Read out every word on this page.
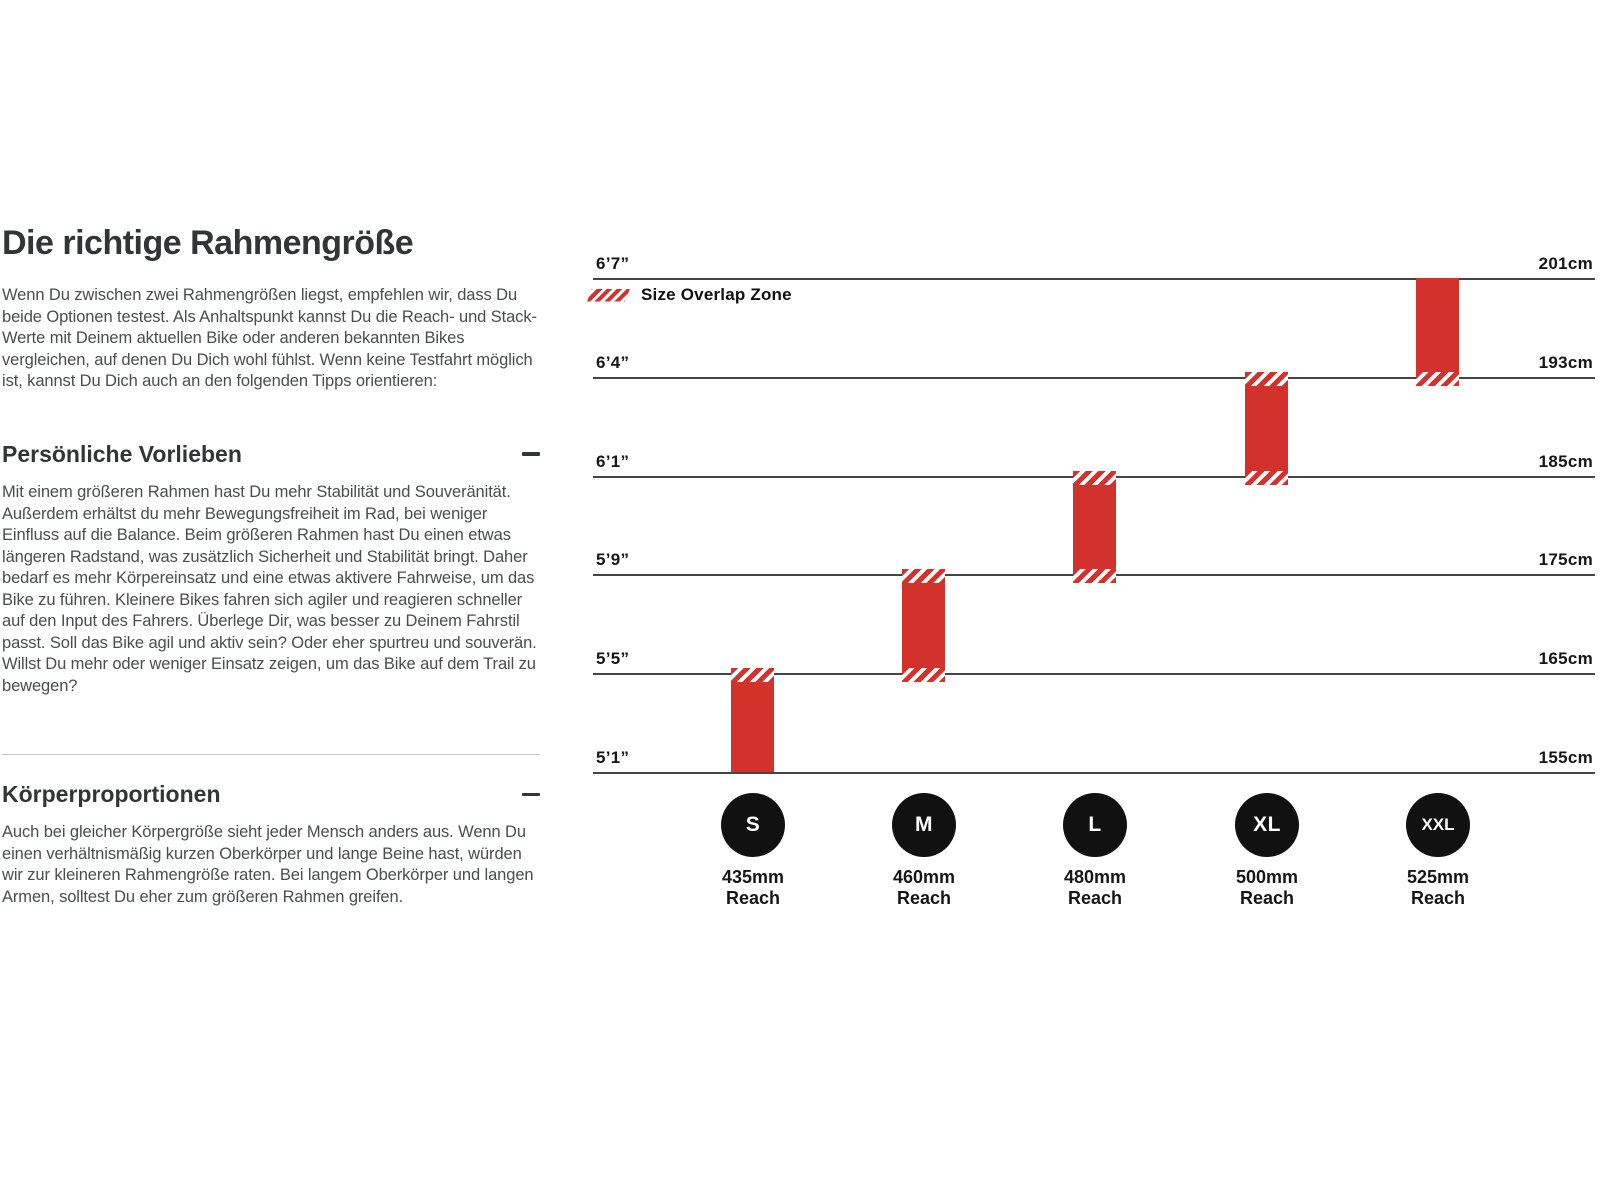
Die richtige Rahmengröße

Wenn Du zwischen zwei Rahmengrößen liegst, empfehlen wir, dass Du beide Optionen testest. Als Anhaltspunkt kannst Du die Reach- und Stack-Werte mit Deinem aktuellen Bike oder anderen bekannten Bikes vergleichen, auf denen Du Dich wohl fühlst. Wenn keine Testfahrt möglich ist, kannst Du Dich auch an den folgenden Tipps orientieren:

Persönliche Vorlieben

Mit einem größeren Rahmen hast Du mehr Stabilität und Souveränität. Außerdem erhältst du mehr Bewegungsfreiheit im Rad, bei weniger Einfluss auf die Balance. Beim größeren Rahmen hast Du einen etwas längeren Radstand, was zusätzlich Sicherheit und Stabilität bringt. Daher bedarf es mehr Körpereinsatz und eine etwas aktivere Fahrweise, um das Bike zu führen. Kleinere Bikes fahren sich agiler und reagieren schneller auf den Input des Fahrers. Überlege Dir, was besser zu Deinem Fahrstil passt. Soll das Bike agil und aktiv sein? Oder eher spurtreu und souverän. Willst Du mehr oder weniger Einsatz zeigen, um das Bike auf dem Trail zu bewegen?

Körperproportionen

Auch bei gleicher Körpergröße sieht jeder Mensch anders aus. Wenn Du einen verhältnismäßig kurzen Oberkörper und lange Beine hast, würden wir zur kleineren Rahmengröße raten. Bei langem Oberkörper und langen Armen, solltest Du eher zum größeren Rahmen greifen.

Size Overlap Zone
6’7”	201cm
6’4”	193cm
6’1”	185cm
5’9”	175cm
5’5”	165cm
5’1”	155cm
S
435mm
Reach
M
460mm
Reach
L
480mm
Reach
XL
500mm
Reach
XXL
525mm
Reach
